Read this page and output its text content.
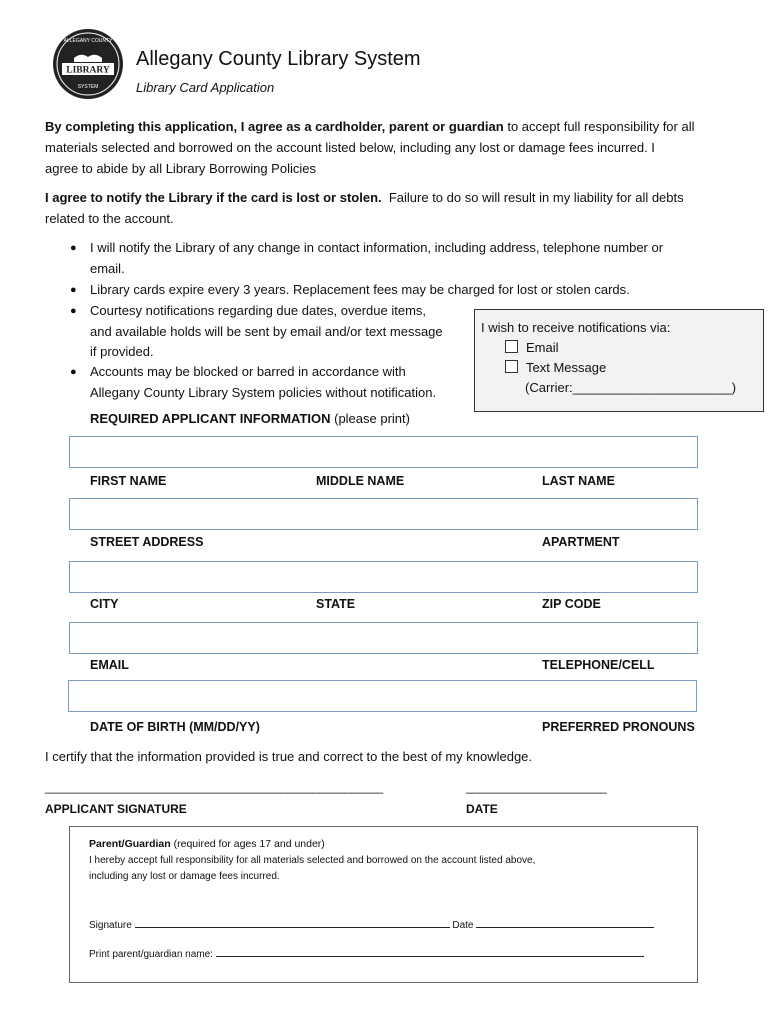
LIBRARY
ALLEGANY COUNTY
SYSTEM
Allegany County Library System
Library Card Application
By completing this application, I agree as a cardholder, parent or guardian to accept full responsibility for all
materials selected and borrowed on the account listed below, including any lost or damage fees incurred. I
agree to abide by all Library Borrowing Policies
I agree to notify the Library if the card is lost or stolen.  Failure to do so will result in my liability for all debts
related to the account.
● I will notify the Library of any change in contact information, including address, telephone number or
email.
● Library cards expire every 3 years. Replacement fees may be charged for lost or stolen cards.
● Courtesy notifications regarding due dates, overdue items,
and available holds will be sent by email and/or text message
if provided.
● Accounts may be blocked or barred in accordance with
Allegany County Library System policies without notification.
I wish to receive notifications via:
Email
Text Message
(Carrier:______________________)
REQUIRED APPLICANT INFORMATION (please print)
FIRST NAME	MIDDLE NAME	LAST NAME
STREET ADDRESS	APARTMENT
CITY	STATE	ZIP CODE
EMAIL	TELEPHONE/CELL
DATE OF BIRTH (MM/DD/YY)	PREFERRED PRONOUNS
I certify that the information provided is true and correct to the best of my knowledge.
_____________________________________________________	______________________
APPLICANT SIGNATURE	DATE
Parent/Guardian (required for ages 17 and under)
I hereby accept full responsibility for all materials selected and borrowed on the account listed above,
including any lost or damage fees incurred.
Signature	Date
Print parent/guardian name:
